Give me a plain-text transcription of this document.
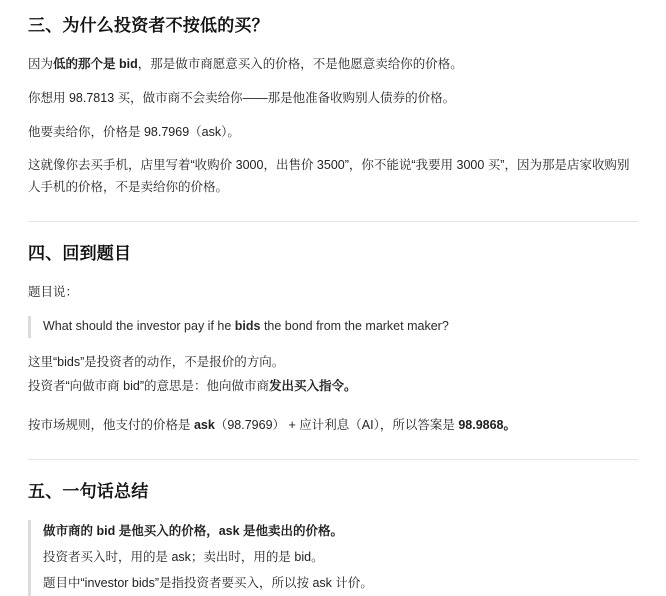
三、为什么投资者不按低的买？

因为低的那个是 bid，那是做市商愿意买入的价格，不是他愿意卖给你的价格。

你想用 98.7813 买，做市商不会卖给你——那是他准备收购别人债券的价格。

他要卖给你，价格是 98.7969（ask）。

这就像你去买手机，店里写着“收购价 3000，出售价 3500”，你不能说“我要用 3000 买”，因为那是店家收购别人手机的价格，不是卖给你的价格。

四、回到题目

题目说：

What should the investor pay if he bids the bond from the market maker?

这里“bids”是投资者的动作，不是报价的方向。

投资者“向做市商 bid”的意思是：他向做市商发出买入指令。

按市场规则，他支付的价格是 ask（98.7969） + 应计利息（AI），所以答案是 98.9868。

五、一句话总结

做市商的 bid 是他买入的价格，ask 是他卖出的价格。

投资者买入时，用的是 ask；卖出时，用的是 bid。

题目中“investor bids”是指投资者要买入，所以按 ask 计价。
